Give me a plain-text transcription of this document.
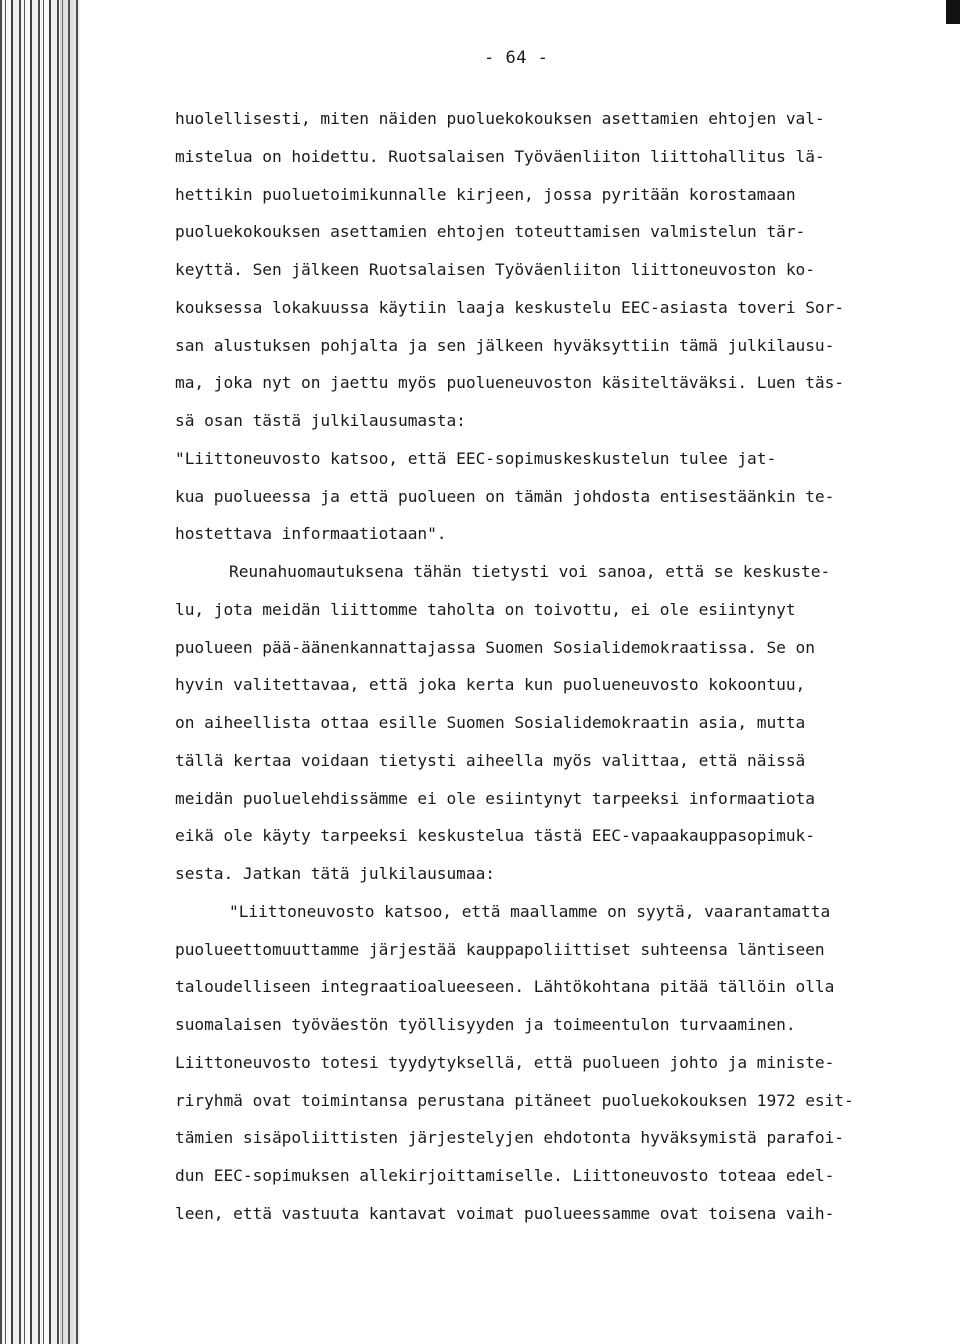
- 64 -
huolellisesti, miten näiden puoluekokouksen asettamien ehtojen val-
mistelua on hoidettu. Ruotsalaisen Työväenliiton liittohallitus lä-
hettikin puoluetoimikunnalle kirjeen, jossa pyritään korostamaan
puoluekokouksen asettamien ehtojen toteuttamisen valmistelun tär-
keyttä. Sen jälkeen Ruotsalaisen Työväenliiton liittoneuvoston ko-
kouksessa lokakuussa käytiin laaja keskustelu EEC-asiasta toveri Sor-
san alustuksen pohjalta ja sen jälkeen hyväksyttiin tämä julkilausu-
ma, joka nyt on jaettu myös puolueneuvoston käsiteltäväksi. Luen täs-
sä osan tästä julkilausumasta:
"Liittoneuvosto katsoo, että EEC-sopimuskeskustelun tulee jat-
kua puolueessa ja että puolueen on tämän johdosta entisestäänkin te-
hostettava informaatiotaan".
Reunahuomautuksena tähän tietysti voi sanoa, että se keskuste-
lu, jota meidän liittomme taholta on toivottu, ei ole esiintynyt
puolueen pää-äänenkannattajassa Suomen Sosialidemokraatissa. Se on
hyvin valitettavaa, että joka kerta kun puolueneuvosto kokoontuu,
on aiheellista ottaa esille Suomen Sosialidemokraatin asia, mutta
tällä kertaa voidaan tietysti aiheella myös valittaa, että näissä
meidän puoluelehdissämme ei ole esiintynyt tarpeeksi informaatiota
eikä ole käyty tarpeeksi keskustelua tästä EEC-vapaakauppasopimuk-
sesta. Jatkan tätä julkilausumaa:
"Liittoneuvosto katsoo, että maallamme on syytä, vaarantamatta
puolueettomuuttamme järjestää kauppapoliittiset suhteensa läntiseen
taloudelliseen integraatioalueeseen. Lähtökohtana pitää tällöin olla
suomalaisen työväestön työllisyyden ja toimeentulon turvaaminen.
Liittoneuvosto totesi tyydytyksellä, että puolueen johto ja ministe-
riryhmä ovat toimintansa perustana pitäneet puoluekokouksen 1972 esit-
tämien sisäpoliittisten järjestelyjen ehdotonta hyväksymistä parafoi-
dun EEC-sopimuksen allekirjoittamiselle. Liittoneuvosto toteaa edel-
leen, että vastuuta kantavat voimat puolueessamme ovat toisena vaih-
